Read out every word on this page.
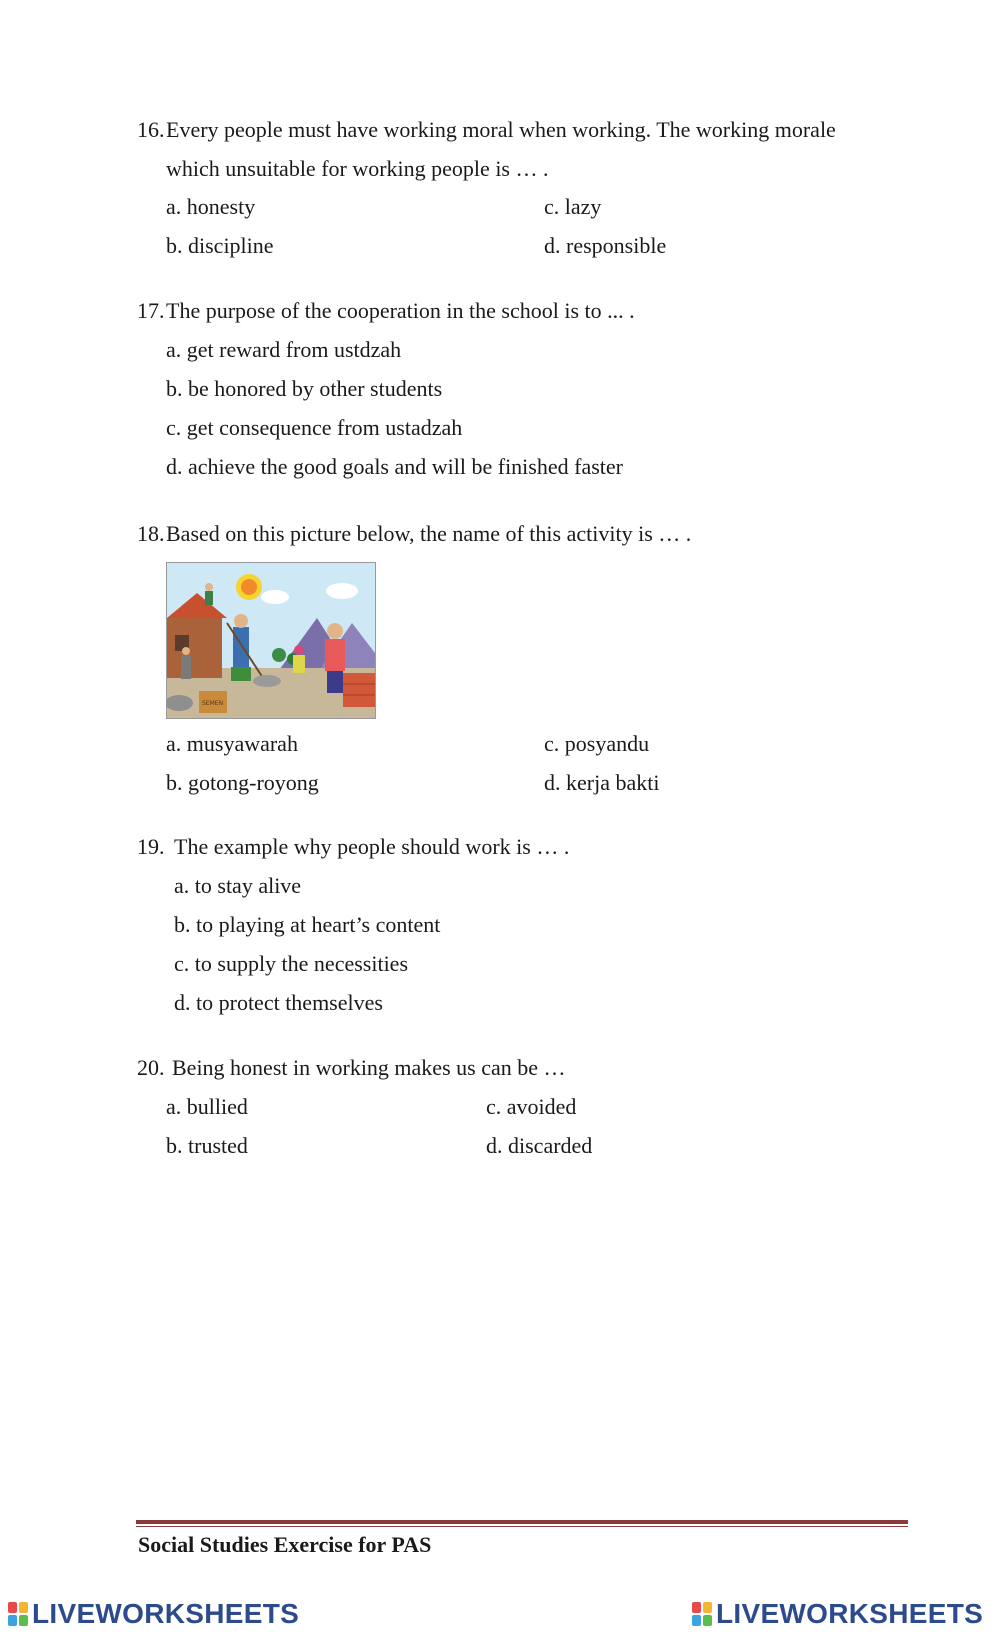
16. Every people must have working moral when working. The working morale
which unsuitable for working people is … .
a. honesty	c. lazy
b. discipline	d. responsible
17. The purpose of the cooperation in the school is to ... .
a. get reward from ustdzah
b. be honored by other students
c. get consequence from ustadzah
d. achieve the good goals and will be finished faster
18. Based on this picture below, the name of this activity is … .
SEMEN
a. musyawarah	c. posyandu
b. gotong-royong	d. kerja bakti
19. The example why people should work is … .
a. to stay alive
b. to playing at heart’s content
c. to supply the necessities
d. to protect themselves
20. Being honest in working makes us can be …
a. bullied	c. avoided
b. trusted	d. discarded
Social Studies Exercise for PAS
LIVEWORKSHEETS	LIVEWORKSHEETS
